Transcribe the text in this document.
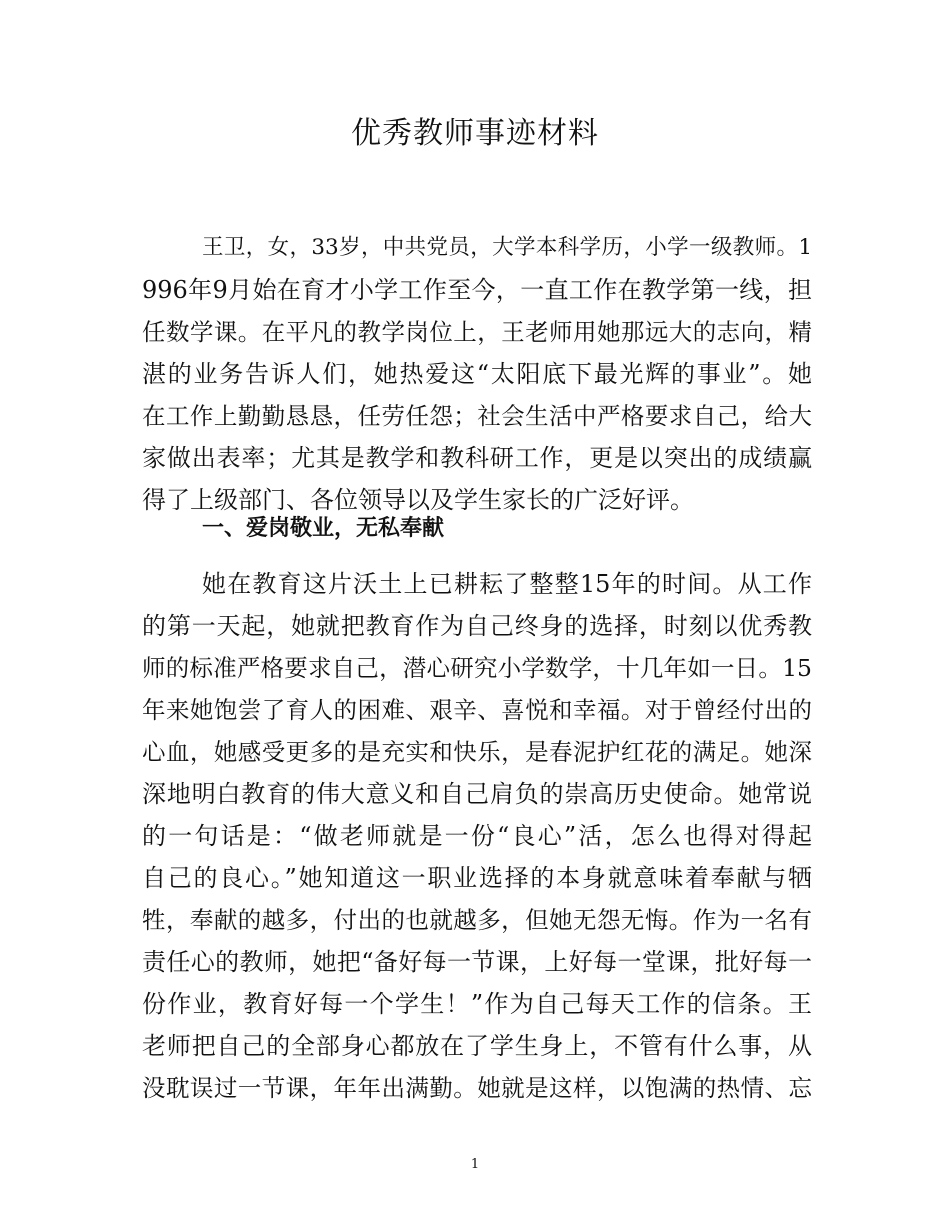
优秀教师事迹材料
王卫，女，33岁，中共党员，大学本科学历，小学一级教师。1
996年9月始在育才小学工作至今，一直工作在教学第一线，担
任数学课。在平凡的教学岗位上，王老师用她那远大的志向，精
湛的业务告诉人们，她热爱这“太阳底下最光辉的事业”。她
在工作上勤勤恳恳，任劳任怨；社会生活中严格要求自己，给大
家做出表率；尤其是教学和教科研工作，更是以突出的成绩赢
得了上级部门、各位领导以及学生家长的广泛好评。
一、爱岗敬业，无私奉献
她在教育这片沃土上已耕耘了整整15年的时间。从工作
的第一天起，她就把教育作为自己终身的选择，时刻以优秀教
师的标准严格要求自己，潜心研究小学数学，十几年如一日。15
年来她饱尝了育人的困难、艰辛、喜悦和幸福。对于曾经付出的
心血，她感受更多的是充实和快乐，是春泥护红花的满足。她深
深地明白教育的伟大意义和自己肩负的崇高历史使命。她常说
的一句话是：“做老师就是一份“良心”活，怎么也得对得起
自己的良心。”她知道这一职业选择的本身就意味着奉献与牺
牲，奉献的越多，付出的也就越多，但她无怨无悔。作为一名有
责任心的教师，她把“备好每一节课，上好每一堂课，批好每一
份作业，教育好每一个学生！”作为自己每天工作的信条。王
老师把自己的全部身心都放在了学生身上，不管有什么事，从
没耽误过一节课，年年出满勤。她就是这样，以饱满的热情、忘
1
